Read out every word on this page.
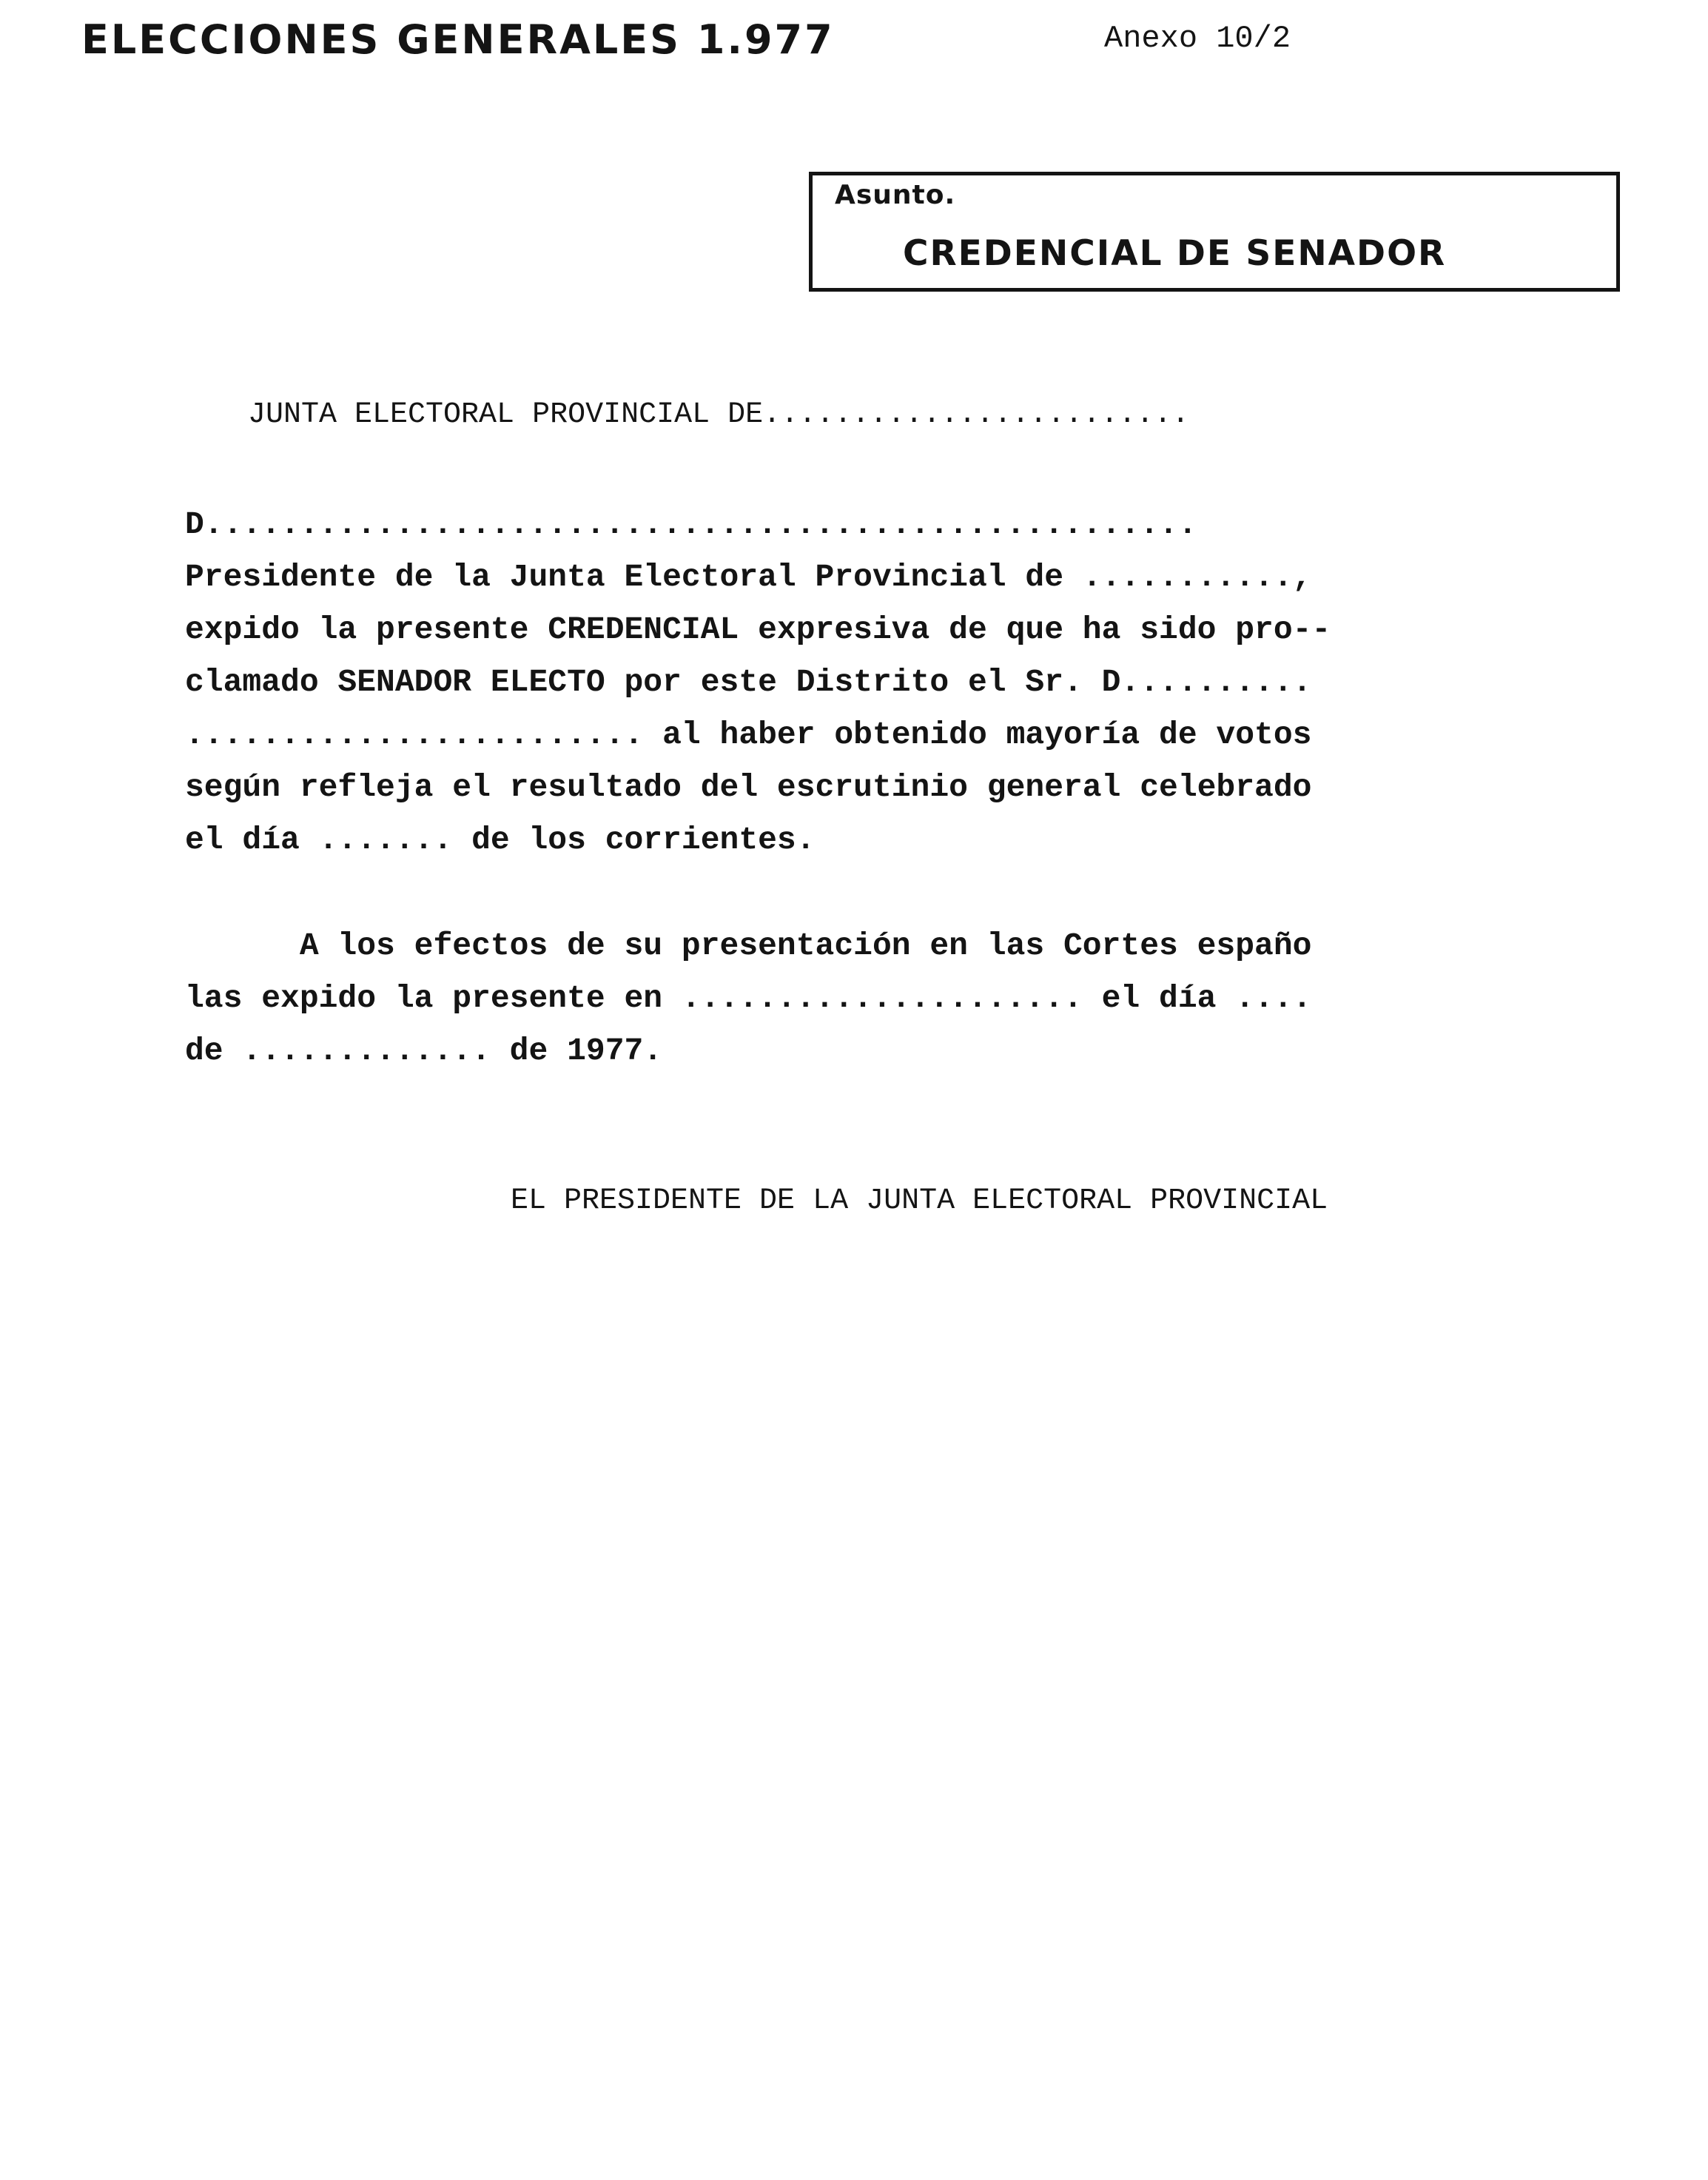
ELECCIONES GENERALES 1.977	Anexo 10/2
Asunto.
CREDENCIAL DE SENADOR
JUNTA ELECTORAL PROVINCIAL DE........................
D....................................................
Presidente de la Junta Electoral Provincial de ...........,
expido la presente CREDENCIAL expresiva de que ha sido pro--
clamado SENADOR ELECTO por este Distrito el Sr. D..........
........................ al haber obtenido mayoría de votos
según refleja el resultado del escrutinio general celebrado
el día ....... de los corrientes.
A los efectos de su presentación en las Cortes españo
las expido la presente en ..................... el día ....
de ............. de 1977.
EL PRESIDENTE DE LA JUNTA ELECTORAL PROVINCIAL
